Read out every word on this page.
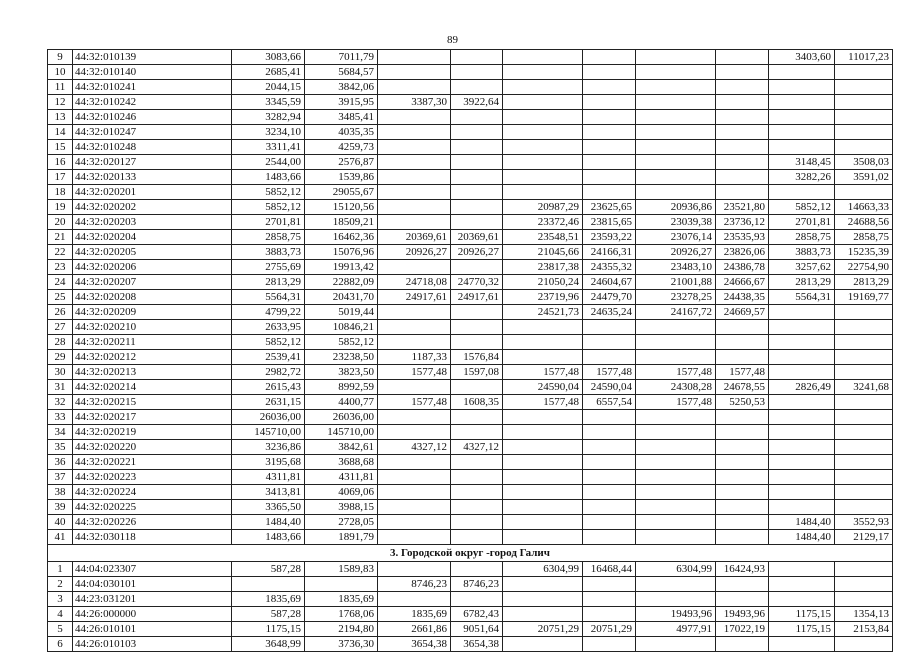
89
9	44:32:010139	3083,66	7011,79							3403,60	11017,23
10	44:32:010140	2685,41	5684,57								
11	44:32:010241	2044,15	3842,06								
12	44:32:010242	3345,59	3915,95	3387,30	3922,64						
13	44:32:010246	3282,94	3485,41								
14	44:32:010247	3234,10	4035,35								
15	44:32:010248	3311,41	4259,73								
16	44:32:020127	2544,00	2576,87							3148,45	3508,03
17	44:32:020133	1483,66	1539,86							3282,26	3591,02
18	44:32:020201	5852,12	29055,67								
19	44:32:020202	5852,12	15120,56			20987,29	23625,65	20936,86	23521,80	5852,12	14663,33
20	44:32:020203	2701,81	18509,21			23372,46	23815,65	23039,38	23736,12	2701,81	24688,56
21	44:32:020204	2858,75	16462,36	20369,61	20369,61	23548,51	23593,22	23076,14	23535,93	2858,75	2858,75
22	44:32:020205	3883,73	15076,96	20926,27	20926,27	21045,66	24166,31	20926,27	23826,06	3883,73	15235,39
23	44:32:020206	2755,69	19913,42			23817,38	24355,32	23483,10	24386,78	3257,62	22754,90
24	44:32:020207	2813,29	22882,09	24718,08	24770,32	21050,24	24604,67	21001,88	24666,67	2813,29	2813,29
25	44:32:020208	5564,31	20431,70	24917,61	24917,61	23719,96	24479,70	23278,25	24438,35	5564,31	19169,77
26	44:32:020209	4799,22	5019,44			24521,73	24635,24	24167,72	24669,57		
27	44:32:020210	2633,95	10846,21								
28	44:32:020211	5852,12	5852,12								
29	44:32:020212	2539,41	23238,50	1187,33	1576,84						
30	44:32:020213	2982,72	3823,50	1577,48	1597,08	1577,48	1577,48	1577,48	1577,48		
31	44:32:020214	2615,43	8992,59			24590,04	24590,04	24308,28	24678,55	2826,49	3241,68
32	44:32:020215	2631,15	4400,77	1577,48	1608,35	1577,48	6557,54	1577,48	5250,53		
33	44:32:020217	26036,00	26036,00								
34	44:32:020219	145710,00	145710,00								
35	44:32:020220	3236,86	3842,61	4327,12	4327,12						
36	44:32:020221	3195,68	3688,68								
37	44:32:020223	4311,81	4311,81								
38	44:32:020224	3413,81	4069,06								
39	44:32:020225	3365,50	3988,15								
40	44:32:020226	1484,40	2728,05							1484,40	3552,93
41	44:32:030118	1483,66	1891,79							1484,40	2129,17
3. Городской округ -город Галич											
1	44:04:023307	587,28	1589,83			6304,99	16468,44	6304,99	16424,93		
2	44:04:030101			8746,23	8746,23						
3	44:23:031201	1835,69	1835,69								
4	44:26:000000	587,28	1768,06	1835,69	6782,43			19493,96	19493,96	1175,15	1354,13
5	44:26:010101	1175,15	2194,80	2661,86	9051,64	20751,29	20751,29	4977,91	17022,19	1175,15	2153,84
6	44:26:010103	3648,99	3736,30	3654,38	3654,38						
